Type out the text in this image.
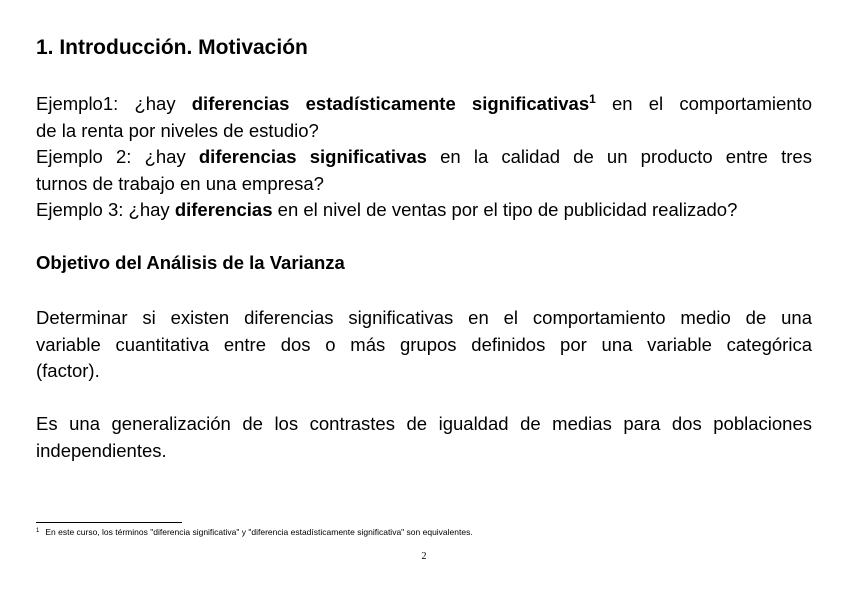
1. Introducción. Motivación
Ejemplo1: ¿hay diferencias estadísticamente significativas$^1$ en el comportamiento
de la renta por niveles de estudio?
Ejemplo 2: ¿hay diferencias significativas en la calidad de un producto entre tres
turnos de trabajo en una empresa?
Ejemplo 3: ¿hay diferencias en el nivel de ventas por el tipo de publicidad realizado?
Objetivo del Análisis de la Varianza
Determinar si existen diferencias significativas en el comportamiento medio de una
variable cuantitativa entre dos o más grupos definidos por una variable categórica
(factor).
Es una generalización de los contrastes de igualdad de medias para dos poblaciones
independientes.

$^1$ En este curso, los términos "diferencia significativa" y "diferencia estadísticamente significativa" son equivalentes.

2
